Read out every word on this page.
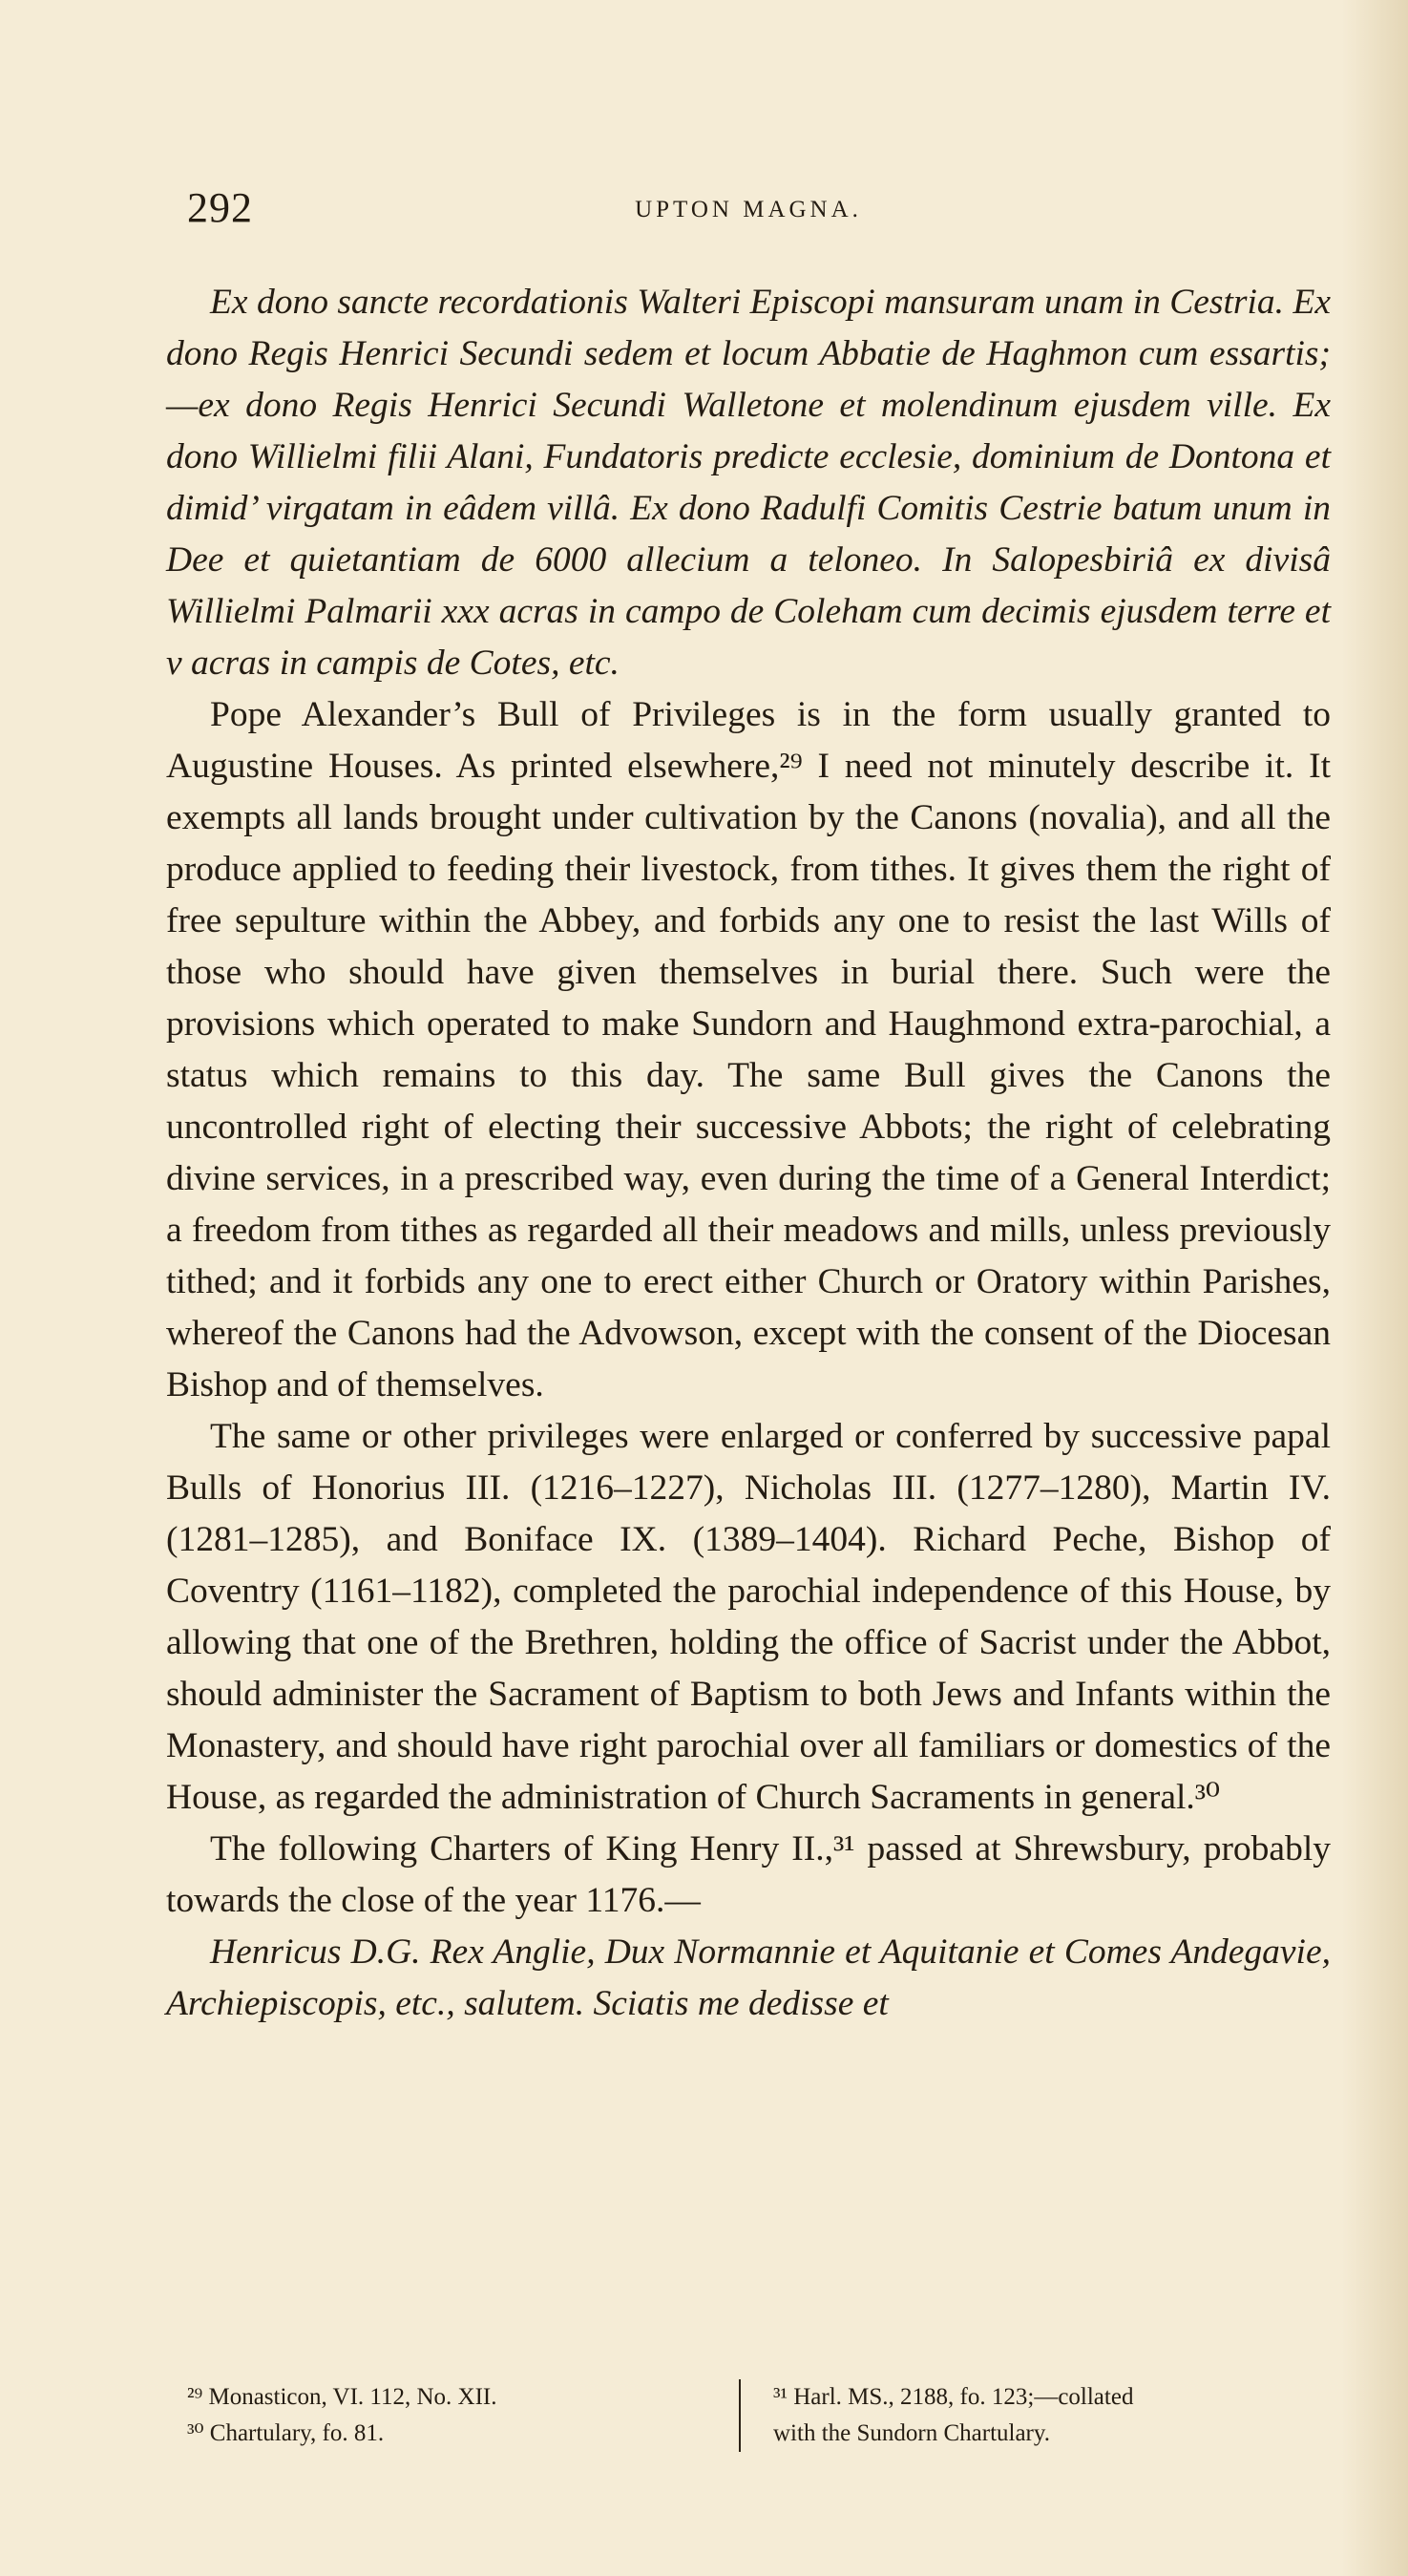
292	UPTON MAGNA.

Ex dono sancte recordationis Walteri Episcopi mansuram unam in Cestria. Ex dono Regis Henrici Secundi sedem et locum Abbatie de Haghmon cum essartis;—ex dono Regis Henrici Secundi Walletone et molendinum ejusdem ville. Ex dono Willielmi filii Alani, Fundatoris predicte ecclesie, dominium de Dontona et dimid’ virgatam in eâdem villâ. Ex dono Radulfi Comitis Cestrie batum unum in Dee et quietantiam de 6000 allecium a teloneo. In Salopesbiriâ ex divisâ Willielmi Palmarii xxx acras in campo de Coleham cum decimis ejusdem terre et v acras in campis de Cotes, etc.

Pope Alexander’s Bull of Privileges is in the form usually granted to Augustine Houses. As printed elsewhere,²⁹ I need not minutely describe it. It exempts all lands brought under cultivation by the Canons (novalia), and all the produce applied to feeding their livestock, from tithes. It gives them the right of free sepulture within the Abbey, and forbids any one to resist the last Wills of those who should have given themselves in burial there. Such were the provisions which operated to make Sundorn and Haughmond extra-parochial, a status which remains to this day. The same Bull gives the Canons the uncontrolled right of electing their successive Abbots; the right of celebrating divine services, in a prescribed way, even during the time of a General Interdict; a freedom from tithes as regarded all their meadows and mills, unless previously tithed; and it forbids any one to erect either Church or Oratory within Parishes, whereof the Canons had the Advowson, except with the consent of the Diocesan Bishop and of themselves.

The same or other privileges were enlarged or conferred by successive papal Bulls of Honorius III. (1216–1227), Nicholas III. (1277–1280), Martin IV. (1281–1285), and Boniface IX. (1389–1404). Richard Peche, Bishop of Coventry (1161–1182), completed the parochial independence of this House, by allowing that one of the Brethren, holding the office of Sacrist under the Abbot, should administer the Sacrament of Baptism to both Jews and Infants within the Monastery, and should have right parochial over all familiars or domestics of the House, as regarded the administration of Church Sacraments in general.³⁰

The following Charters of King Henry II.,³¹ passed at Shrewsbury, probably towards the close of the year 1176.—

Henricus D.G. Rex Anglie, Dux Normannie et Aquitanie et Comes Andegavie, Archiepiscopis, etc., salutem. Sciatis me dedisse et

²⁹ Monasticon, VI. 112, No. XII.
³⁰ Chartulary, fo. 81.
³¹ Harl. MS., 2188, fo. 123;—collated
with the Sundorn Chartulary.
